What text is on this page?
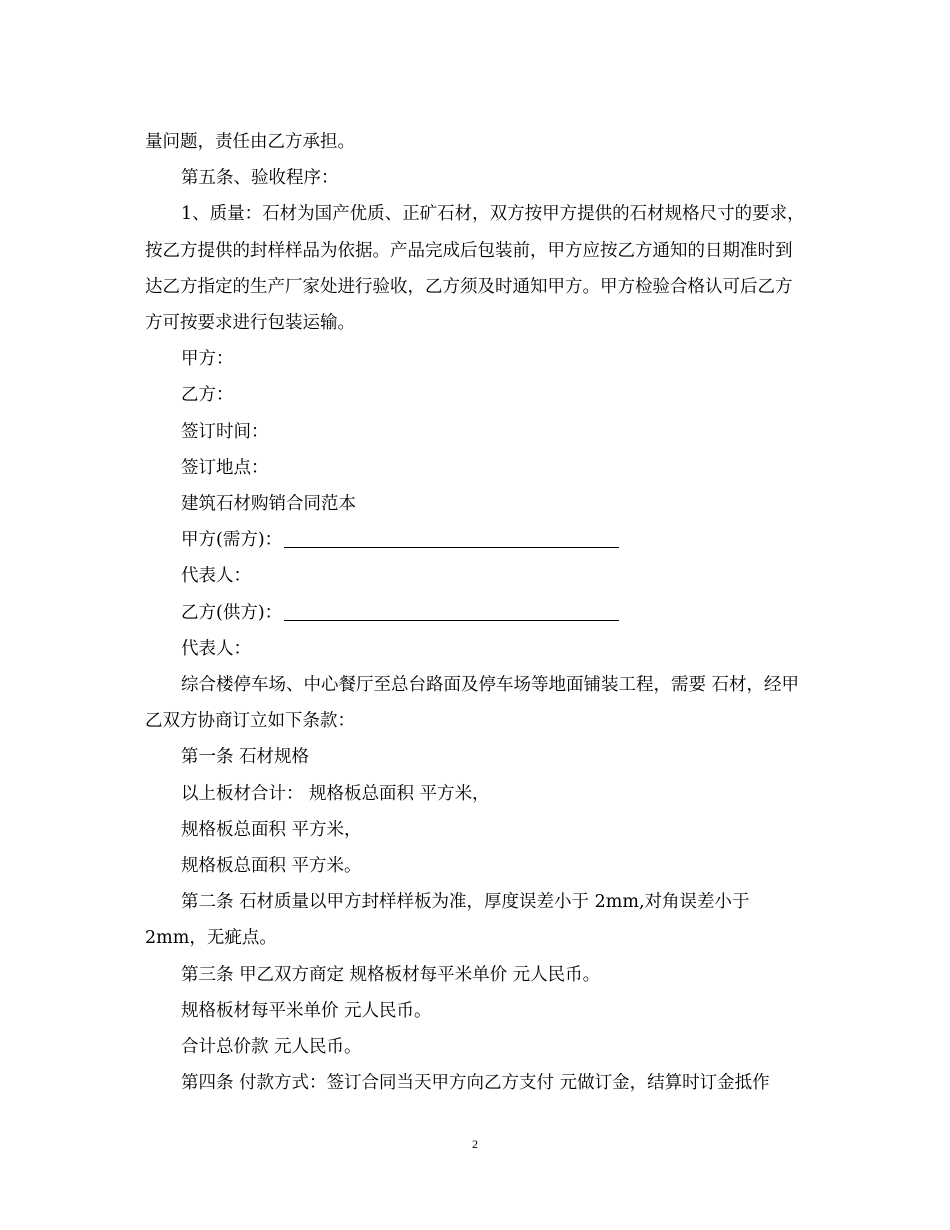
量问题，责任由乙方承担。

第五条、验收程序：

1、质量：石材为国产优质、正矿石材，双方按甲方提供的石材规格尺寸的要求，按乙方提供的封样样品为依据。产品完成后包装前，甲方应按乙方通知的日期准时到达乙方指定的生产厂家处进行验收，乙方须及时通知甲方。甲方检验合格认可后乙方方可按要求进行包装运输。

甲方：

乙方：

签订时间：

签订地点：

建筑石材购销合同范本

甲方(需方)：

代表人：

乙方(供方)：

代表人：

综合楼停车场、中心餐厅至总台路面及停车场等地面铺装工程，需要 石材，经甲乙双方协商订立如下条款：

第一条 石材规格

以上板材合计： 规格板总面积 平方米，

规格板总面积 平方米，

规格板总面积 平方米。

第二条 石材质量以甲方封样样板为准，厚度误差小于 2mm,对角误差小于 2mm，无疵点。

第三条 甲乙双方商定 规格板材每平米单价 元人民币。

规格板材每平米单价 元人民币。

合计总价款 元人民币。

第四条 付款方式：签订合同当天甲方向乙方支付 元做订金，结算时订金抵作

2
